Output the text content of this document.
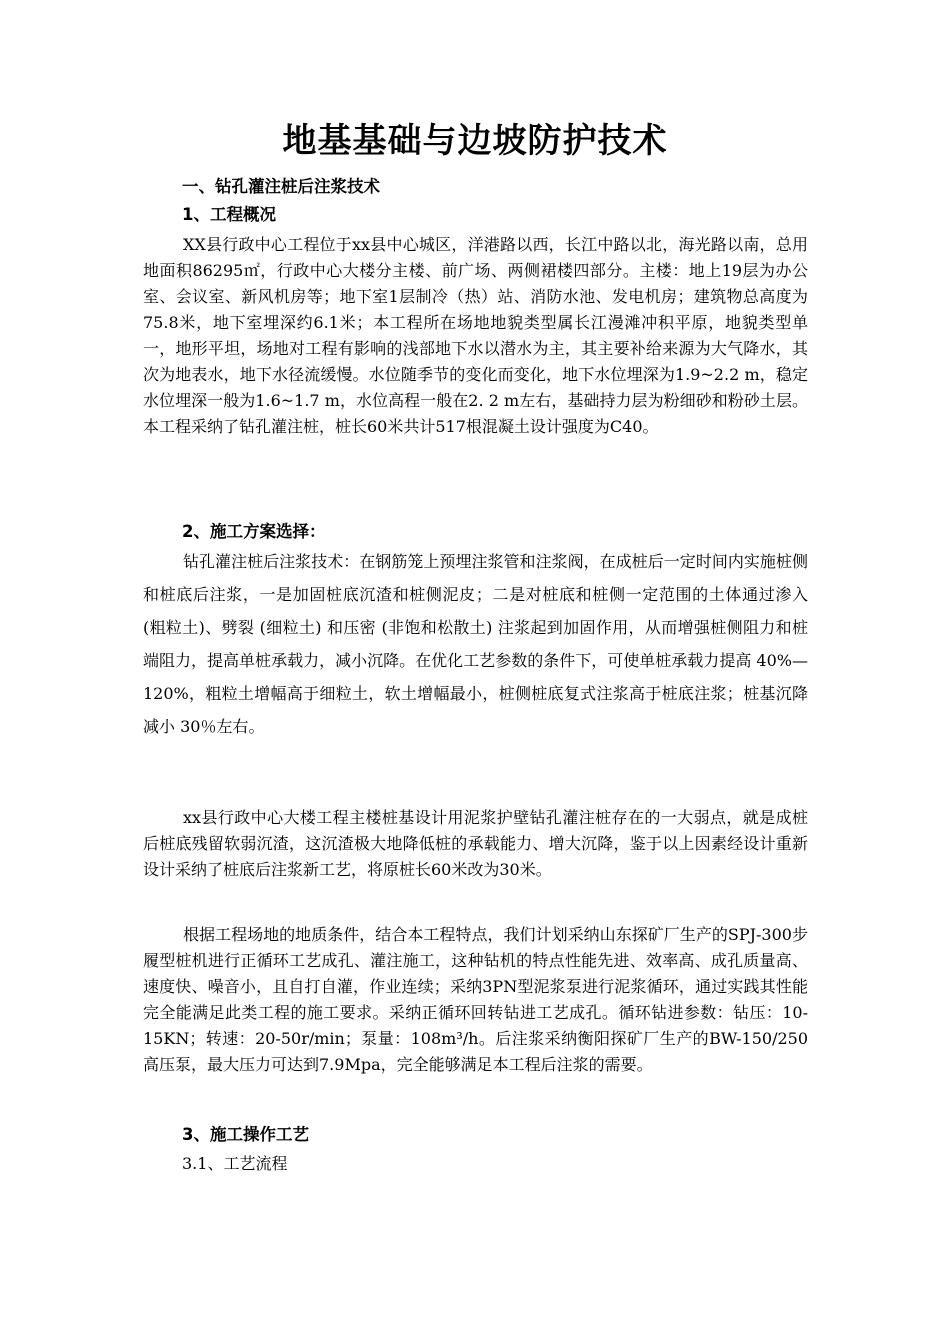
地基基础与边坡防护技术
一、钻孔灌注桩后注浆技术
1、工程概况

XX县行政中心工程位于xx县中心城区，洋港路以西，长江中路以北，海光路以南，总用地面积86295㎡，行政中心大楼分主楼、前广场、两侧裙楼四部分。主楼：地上19层为办公室、会议室、新风机房等；地下室1层制冷（热）站、消防水池、发电机房；建筑物总高度为75.8米，地下室埋深约6.1米；本工程所在场地地貌类型属长江漫滩冲积平原，地貌类型单一，地形平坦，场地对工程有影响的浅部地下水以潜水为主，其主要补给来源为大气降水，其次为地表水，地下水径流缓慢。水位随季节的变化而变化，地下水位埋深为1.9~2.2 m，稳定水位埋深一般为1.6~1.7 m，水位高程一般在2. 2 m左右，基础持力层为粉细砂和粉砂土层。本工程采纳了钻孔灌注桩，桩长60米共计517根混凝土设计强度为C40。

2、施工方案选择：

钻孔灌注桩后注浆技术：在钢筋笼上预埋注浆管和注浆阀，在成桩后一定时间内实施桩侧和桩底后注浆，一是加固桩底沉渣和桩侧泥皮；二是对桩底和桩侧一定范围的土体通过渗入 (粗粒土)、劈裂 (细粒土) 和压密 (非饱和松散土) 注浆起到加固作用，从而增强桩侧阻力和桩端阻力，提高单桩承载力，减小沉降。在优化工艺参数的条件下，可使单桩承载力提高 40%—120%，粗粒土增幅高于细粒土，软土增幅最小，桩侧桩底复式注浆高于桩底注浆；桩基沉降减小 30％左右。

xx县行政中心大楼工程主楼桩基设计用泥浆护壁钻孔灌注桩存在的一大弱点，就是成桩后桩底残留软弱沉渣，这沉渣极大地降低桩的承载能力、增大沉降，鉴于以上因素经设计重新设计采纳了桩底后注浆新工艺，将原桩长60米改为30米。

根据工程场地的地质条件，结合本工程特点，我们计划采纳山东探矿厂生产的SPJ-300步履型桩机进行正循环工艺成孔、灌注施工，这种钻机的特点性能先进、效率高、成孔质量高、速度快、噪音小，且自打自灌，作业连续；采纳3PN型泥浆泵进行泥浆循环，通过实践其性能完全能满足此类工程的施工要求。采纳正循环回转钻进工艺成孔。循环钻进参数：钻压：10-15KN；转速：20-50r/min；泵量：108m³/h。后注浆采纳衡阳探矿厂生产的BW-150/250高压泵，最大压力可达到7.9Mpa，完全能够满足本工程后注浆的需要。

3、施工操作工艺
3.1、工艺流程
